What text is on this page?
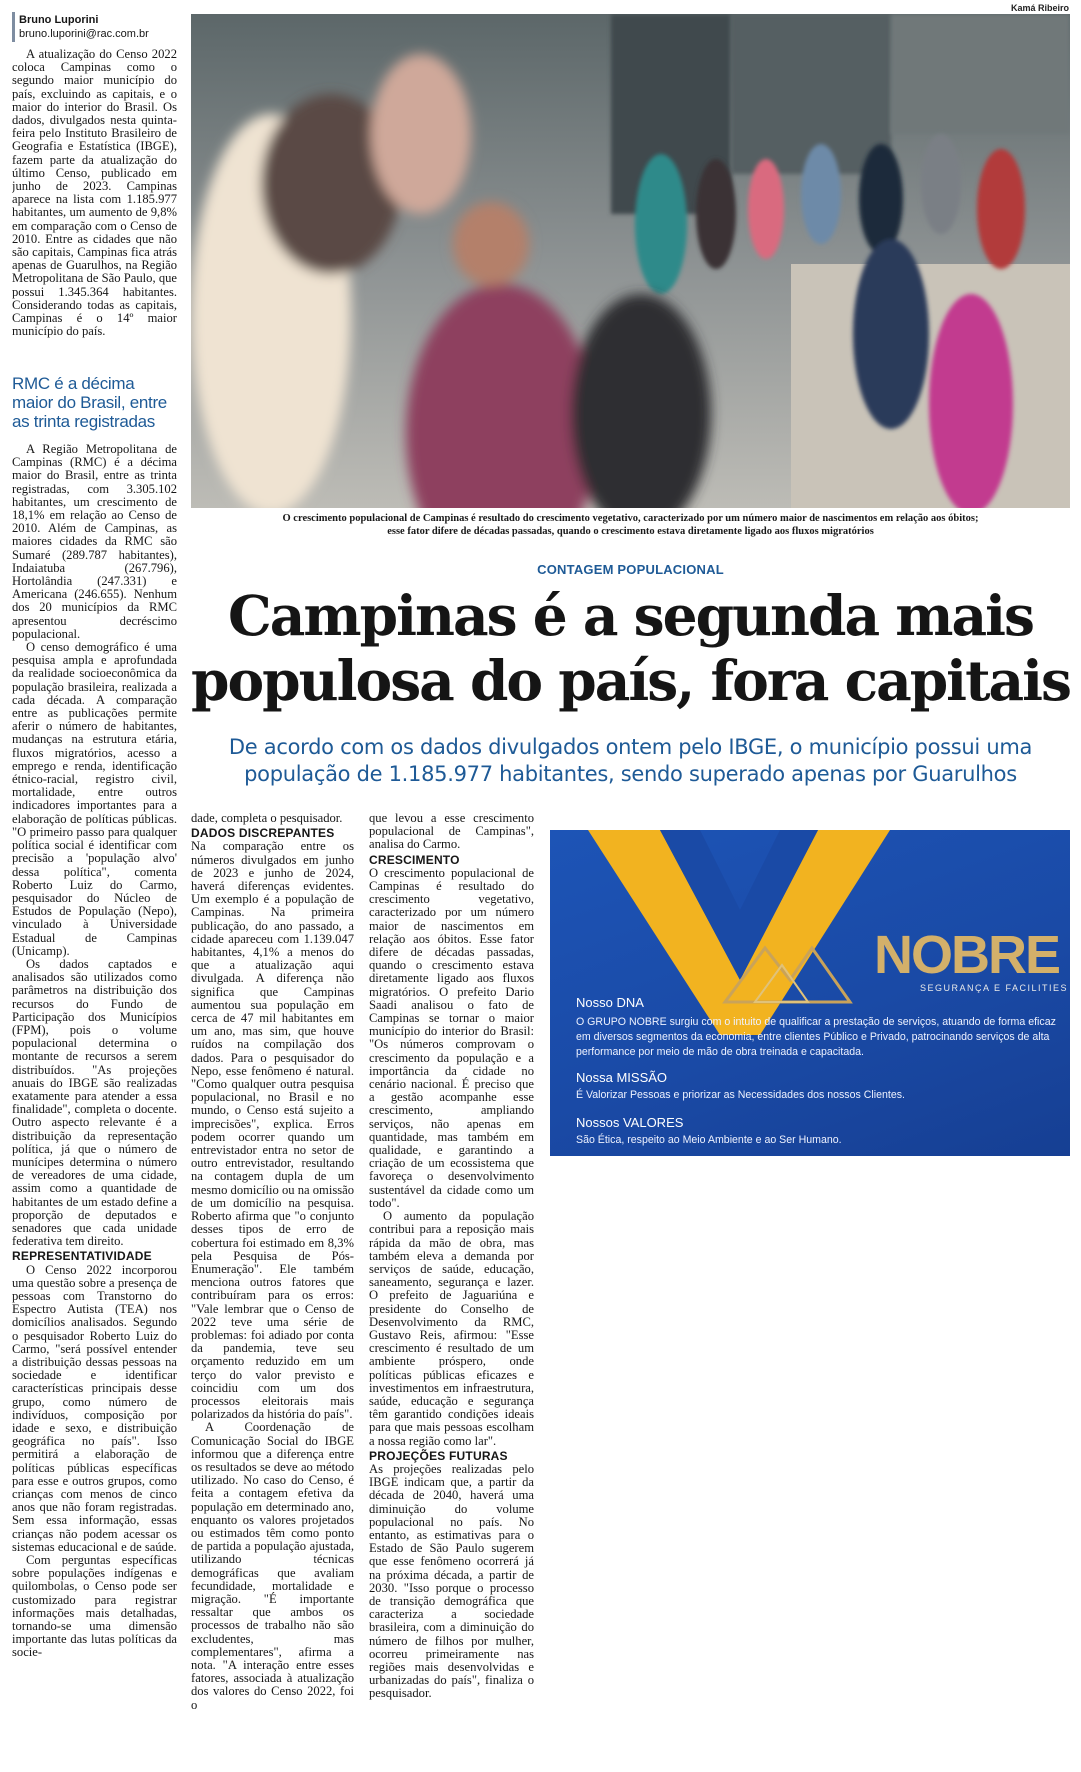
Bruno Luporini
bruno.luporini@rac.com.br

A atualização do Censo 2022 coloca Campinas como o segundo maior município do país, excluindo as capitais, e o maior do interior do Brasil. Os dados, divulgados nesta quinta-feira pelo Instituto Brasileiro de Geografia e Estatística (IBGE), fazem parte da atualização do último Censo, publicado em junho de 2023. Campinas aparece na lista com 1.185.977 habitantes, um aumento de 9,8% em comparação com o Censo de 2010. Entre as cidades que não são capitais, Campinas fica atrás apenas de Guarulhos, na Região Metropolitana de São Paulo, que possui 1.345.364 habitantes. Considerando todas as capitais, Campinas é o 14º maior município do país.

RMC é a décima maior do Brasil, entre as trinta registradas

A Região Metropolitana de Campinas (RMC) é a décima maior do Brasil, entre as trinta registradas, com 3.305.102 habitantes, um crescimento de 18,1% em relação ao Censo de 2010. Além de Campinas, as maiores cidades da RMC são Sumaré (289.787 habitantes), Indaiatuba (267.796), Hortolândia (247.331) e Americana (246.655). Nenhum dos 20 municípios da RMC apresentou decréscimo populacional.

O censo demográfico é uma pesquisa ampla e aprofundada da realidade socioeconômica da população brasileira, realizada a cada década. A comparação entre as publicações permite aferir o número de habitantes, mudanças na estrutura etária, fluxos migratórios, acesso a emprego e renda, identificação étnico-racial, registro civil, mortalidade, entre outros indicadores importantes para a elaboração de políticas públicas. "O primeiro passo para qualquer política social é identificar com precisão a 'população alvo' dessa política", comenta Roberto Luiz do Carmo, pesquisador do Núcleo de Estudos de População (Nepo), vinculado à Universidade Estadual de Campinas (Unicamp).

Os dados captados e analisados são utilizados como parâmetros na distribuição dos recursos do Fundo de Participação dos Municípios (FPM), pois o volume populacional determina o montante de recursos a serem distribuídos. "As projeções anuais do IBGE são realizadas exatamente para atender a essa finalidade", completa o docente. Outro aspecto relevante é a distribuição da representação política, já que o número de munícipes determina o número de vereadores de uma cidade, assim como a quantidade de habitantes de um estado define a proporção de deputados e senadores que cada unidade federativa tem direito.

REPRESENTATIVIDADE

O Censo 2022 incorporou uma questão sobre a presença de pessoas com Transtorno do Espectro Autista (TEA) nos domicílios analisados. Segundo o pesquisador Roberto Luiz do Carmo, "será possível entender a distribuição dessas pessoas na sociedade e identificar características principais desse grupo, como número de indivíduos, composição por idade e sexo, e distribuição geográfica no país". Isso permitirá a elaboração de políticas públicas específicas para esse e outros grupos, como crianças com menos de cinco anos que não foram registradas. Sem essa informação, essas crianças não podem acessar os sistemas educacional e de saúde.

Com perguntas específicas sobre populações indígenas e quilombolas, o Censo pode ser customizado para registrar informações mais detalhadas, tornando-se uma dimensão importante das lutas políticas da socie-

Kamá Ribeiro
O crescimento populacional de Campinas é resultado do crescimento vegetativo, caracterizado por um número maior de nascimentos em relação aos óbitos;
esse fator difere de décadas passadas, quando o crescimento estava diretamente ligado aos fluxos migratórios
CONTAGEM POPULACIONAL
Campinas é a segunda mais
populosa do país, fora capitais
De acordo com os dados divulgados ontem pelo IBGE, o município possui uma
população de 1.185.977 habitantes, sendo superado apenas por Guarulhos

dade, completa o pesquisador.

DADOS DISCREPANTES

Na comparação entre os números divulgados em junho de 2023 e junho de 2024, haverá diferenças evidentes. Um exemplo é a população de Campinas. Na primeira publicação, do ano passado, a cidade apareceu com 1.139.047 habitantes, 4,1% a menos do que a atualização aqui divulgada. A diferença não significa que Campinas aumentou sua população em cerca de 47 mil habitantes em um ano, mas sim, que houve ruídos na compilação dos dados. Para o pesquisador do Nepo, esse fenômeno é natural. "Como qualquer outra pesquisa populacional, no Brasil e no mundo, o Censo está sujeito a imprecisões", explica. Erros podem ocorrer quando um entrevistador entra no setor de outro entrevistador, resultando na contagem dupla de um mesmo domicílio ou na omissão de um domicílio na pesquisa. Roberto afirma que "o conjunto desses tipos de erro de cobertura foi estimado em 8,3% pela Pesquisa de Pós-Enumeração". Ele também menciona outros fatores que contribuíram para os erros: "Vale lembrar que o Censo de 2022 teve uma série de problemas: foi adiado por conta da pandemia, teve seu orçamento reduzido em um terço do valor previsto e coincidiu com um dos processos eleitorais mais polarizados da história do país".

A Coordenação de Comunicação Social do IBGE informou que a diferença entre os resultados se deve ao método utilizado. No caso do Censo, é feita a contagem efetiva da população em determinado ano, enquanto os valores projetados ou estimados têm como ponto de partida a população ajustada, utilizando técnicas demográficas que avaliam fecundidade, mortalidade e migração. "É importante ressaltar que ambos os processos de trabalho não são excludentes, mas complementares", afirma a nota. "A interação entre esses fatores, associada à atualização dos valores do Censo 2022, foi o

que levou a esse crescimento populacional de Campinas", analisa do Carmo.

CRESCIMENTO

O crescimento populacional de Campinas é resultado do crescimento vegetativo, caracterizado por um número maior de nascimentos em relação aos óbitos. Esse fator difere de décadas passadas, quando o crescimento estava diretamente ligado aos fluxos migratórios. O prefeito Dario Saadi analisou o fato de Campinas se tornar o maior município do interior do Brasil: "Os números comprovam o crescimento da população e a importância da cidade no cenário nacional. É preciso que a gestão acompanhe esse crescimento, ampliando serviços, não apenas em quantidade, mas também em qualidade, e garantindo a criação de um ecossistema que favoreça o desenvolvimento sustentável da cidade como um todo".

O aumento da população contribui para a reposição mais rápida da mão de obra, mas também eleva a demanda por serviços de saúde, educação, saneamento, segurança e lazer. O prefeito de Jaguariúna e presidente do Conselho de Desenvolvimento da RMC, Gustavo Reis, afirmou: "Esse crescimento é resultado de um ambiente próspero, onde políticas públicas eficazes e investimentos em infraestrutura, saúde, educação e segurança têm garantido condições ideais para que mais pessoas escolham a nossa região como lar".

PROJEÇÕES FUTURAS

As projeções realizadas pelo IBGE indicam que, a partir da década de 2040, haverá uma diminuição do volume populacional no país. No entanto, as estimativas para o Estado de São Paulo sugerem que esse fenômeno ocorrerá já na próxima década, a partir de 2030. "Isso porque o processo de transição demográfica que caracteriza a sociedade brasileira, com a diminuição do número de filhos por mulher, ocorreu primeiramente nas regiões mais desenvolvidas e urbanizadas do país", finaliza o pesquisador.

NOBRE
SEGURANÇA E FACILITIES
Nosso DNA
O GRUPO NOBRE surgiu com o intuito de qualificar a prestação de serviços, atuando de forma eficaz em diversos segmentos da economia, entre clientes Público e Privado, patrocinando serviços de alta performance por meio de mão de obra treinada e capacitada.
Nossa MISSÃO
É Valorizar Pessoas e priorizar as Necessidades dos nossos Clientes.
Nossos VALORES
São Ética, respeito ao Meio Ambiente e ao Ser Humano.
